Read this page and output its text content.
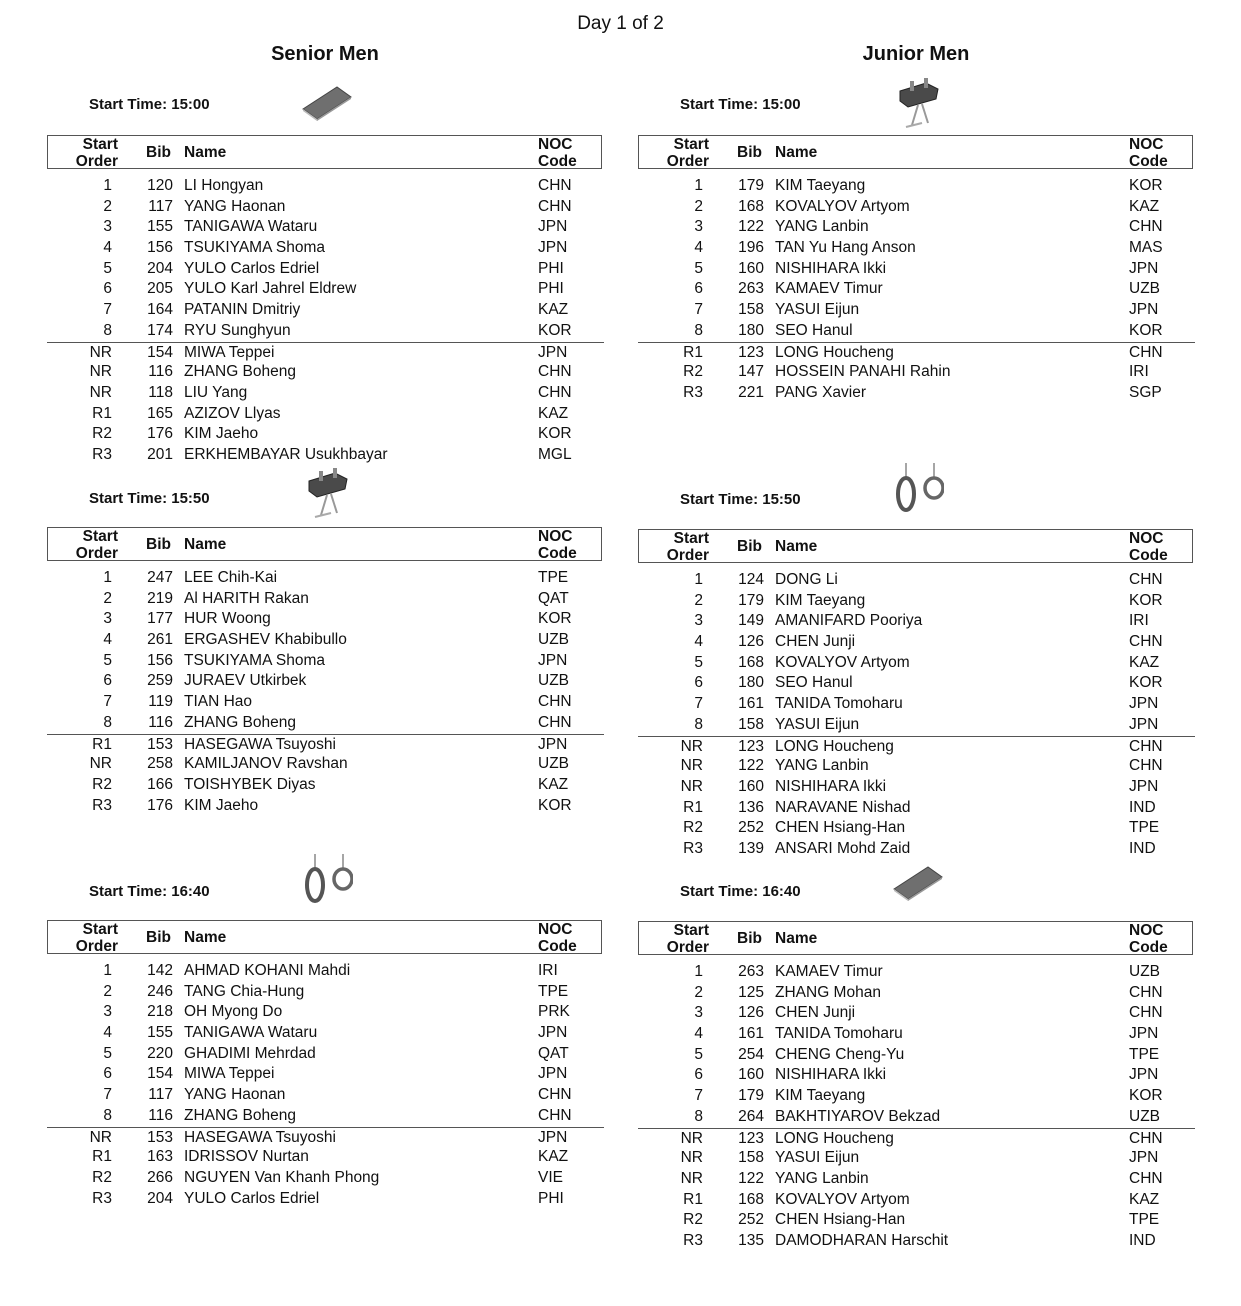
Day 1 of 2
Senior Men	Junior Men
Start Time: 15:00
Start
Order
Bib Name	NOC
Code
1	120 LI Hongyan	CHN
2	117 YANG Haonan	CHN
3	155 TANIGAWA Wataru	JPN
4	156 TSUKIYAMA Shoma	JPN
5	204 YULO Carlos Edriel	PHI
6	205 YULO Karl Jahrel Eldrew	PHI
7	164 PATANIN Dmitriy	KAZ
8	174 RYU Sunghyun	KOR
NR	154 MIWA Teppei	JPN
NR	116 ZHANG Boheng	CHN
NR	118 LIU Yang	CHN
R1	165 AZIZOV Llyas	KAZ
R2	176 KIM Jaeho	KOR
R3	201 ERKHEMBAYAR Usukhbayar	MGL
Start Time: 15:50
Start
Order
Bib Name	NOC
Code
1	247 LEE Chih-Kai	TPE
2	219 Al HARITH Rakan	QAT
3	177 HUR Woong	KOR
4	261 ERGASHEV Khabibullo	UZB
5	156 TSUKIYAMA Shoma	JPN
6	259 JURAEV Utkirbek	UZB
7	119 TIAN Hao	CHN
8	116 ZHANG Boheng	CHN
R1	153 HASEGAWA Tsuyoshi	JPN
NR	258 KAMILJANOV Ravshan	UZB
R2	166 TOISHYBEK Diyas	KAZ
R3	176 KIM Jaeho	KOR
Start Time: 16:40
Start
Order
Bib Name	NOC
Code
1	142 AHMAD KOHANI Mahdi	IRI
2	246 TANG Chia-Hung	TPE
3	218 OH Myong Do	PRK
4	155 TANIGAWA Wataru	JPN
5	220 GHADIMI Mehrdad	QAT
6	154 MIWA Teppei	JPN
7	117 YANG Haonan	CHN
8	116 ZHANG Boheng	CHN
NR	153 HASEGAWA Tsuyoshi	JPN
R1	163 IDRISSOV Nurtan	KAZ
R2	266 NGUYEN Van Khanh Phong	VIE
R3	204 YULO Carlos Edriel	PHI
Start Time: 15:00
Start
Order
Bib Name	NOC
Code
1	179 KIM Taeyang	KOR
2	168 KOVALYOV Artyom	KAZ
3	122 YANG Lanbin	CHN
4	196 TAN Yu Hang Anson	MAS
5	160 NISHIHARA Ikki	JPN
6	263 KAMAEV Timur	UZB
7	158 YASUI Eijun	JPN
8	180 SEO Hanul	KOR
R1	123 LONG Houcheng	CHN
R2	147 HOSSEIN PANAHI Rahin	IRI
R3	221 PANG Xavier	SGP
Start Time: 15:50
Start
Order
Bib Name	NOC
Code
1	124 DONG Li	CHN
2	179 KIM Taeyang	KOR
3	149 AMANIFARD Pooriya	IRI
4	126 CHEN Junji	CHN
5	168 KOVALYOV Artyom	KAZ
6	180 SEO Hanul	KOR
7	161 TANIDA Tomoharu	JPN
8	158 YASUI Eijun	JPN
NR	123 LONG Houcheng	CHN
NR	122 YANG Lanbin	CHN
NR	160 NISHIHARA Ikki	JPN
R1	136 NARAVANE Nishad	IND
R2	252 CHEN Hsiang-Han	TPE
R3	139 ANSARI Mohd Zaid	IND
Start Time: 16:40
Start
Order
Bib Name	NOC
Code
1	263 KAMAEV Timur	UZB
2	125 ZHANG Mohan	CHN
3	126 CHEN Junji	CHN
4	161 TANIDA Tomoharu	JPN
5	254 CHENG Cheng-Yu	TPE
6	160 NISHIHARA Ikki	JPN
7	179 KIM Taeyang	KOR
8	264 BAKHTIYAROV Bekzad	UZB
NR	123 LONG Houcheng	CHN
NR	158 YASUI Eijun	JPN
NR	122 YANG Lanbin	CHN
R1	168 KOVALYOV Artyom	KAZ
R2	252 CHEN Hsiang-Han	TPE
R3	135 DAMODHARAN Harschit	IND
